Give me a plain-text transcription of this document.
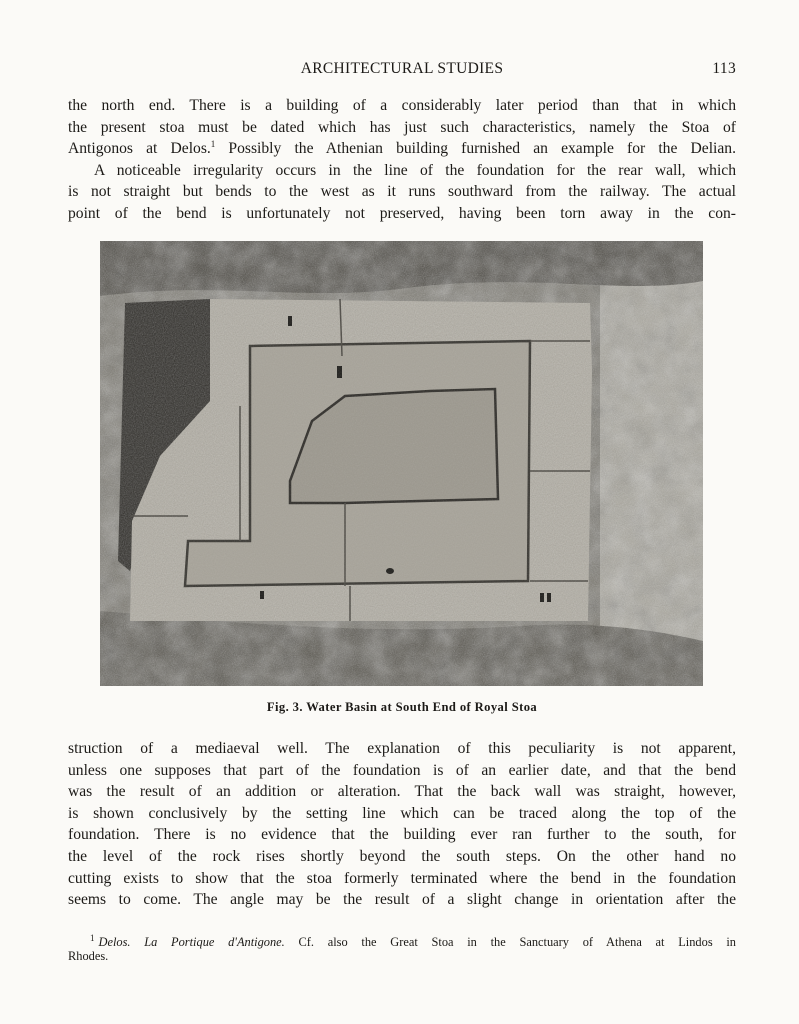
ARCHITECTURAL STUDIES	113
the north end. There is a building of a considerably later period than that in which
the present stoa must be dated which has just such characteristics, namely the Stoa of
Antigonos at Delos.$^1$ Possibly the Athenian building furnished an example for the Delian.
A noticeable irregularity occurs in the line of the foundation for the rear wall, which
is not straight but bends to the west as it runs southward from the railway. The actual
point of the bend is unfortunately not preserved, having been torn away in the con-
Fig. 3. Water Basin at South End of Royal Stoa
struction of a mediaeval well. The explanation of this peculiarity is not apparent,
unless one supposes that part of the foundation is of an earlier date, and that the bend
was the result of an addition or alteration. That the back wall was straight, however,
is shown conclusively by the setting line which can be traced along the top of the
foundation. There is no evidence that the building ever ran further to the south, for
the level of the rock rises shortly beyond the south steps. On the other hand no
cutting exists to show that the stoa formerly terminated where the bend in the foundation
seems to come. The angle may be the result of a slight change in orientation after the
$^1$ Delos. La Portique d'Antigone. Cf. also the Great Stoa in the Sanctuary of Athena at Lindos in
Rhodes.
